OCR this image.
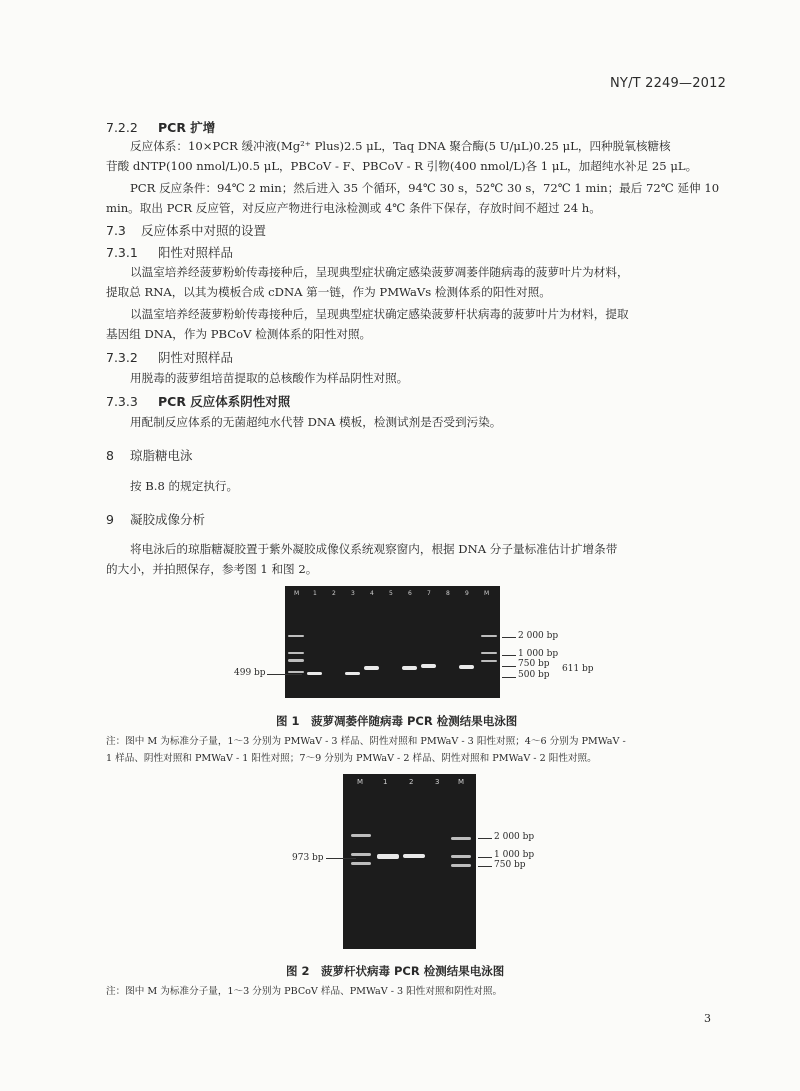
NY/T 2249—2012
7.2.2 PCR 扩增
反应体系：10×PCR 缓冲液(Mg²⁺ Plus)2.5 μL，Taq DNA 聚合酶(5 U/μL)0.25 μL，四种脱氧核糖核
苷酸 dNTP(100 nmol/L)0.5 μL，PBCoV - F、PBCoV - R 引物(400 nmol/L)各 1 μL，加超纯水补足 25 μL。
PCR 反应条件：94℃ 2 min；然后进入 35 个循环，94℃ 30 s，52℃ 30 s，72℃ 1 min；最后 72℃ 延伸 10
min。取出 PCR 反应管，对反应产物进行电泳检测或 4℃ 条件下保存，存放时间不超过 24 h。
7.3 反应体系中对照的设置
7.3.1 阳性对照样品
以温室培养经菠萝粉蚧传毒接种后，呈现典型症状确定感染菠萝凋萎伴随病毒的菠萝叶片为材料，
提取总 RNA，以其为模板合成 cDNA 第一链，作为 PMWaVs 检测体系的阳性对照。
以温室培养经菠萝粉蚧传毒接种后，呈现典型症状确定感染菠萝杆状病毒的菠萝叶片为材料，提取
基因组 DNA，作为 PBCoV 检测体系的阳性对照。
7.3.2 阴性对照样品
用脱毒的菠萝组培苗提取的总核酸作为样品阴性对照。
7.3.3 PCR 反应体系阴性对照
用配制反应体系的无菌超纯水代替 DNA 模板，检测试剂是否受到污染。
8 琼脂糖电泳
按 B.8 的规定执行。
9 凝胶成像分析
将电泳后的琼脂糖凝胶置于紫外凝胶成像仪系统观察窗内，根据 DNA 分子量标准估计扩增条带
的大小，并拍照保存，参考图 1 和图 2。
M 1	2	3	4	5	6	7	8	9	M
499 bp
2 000 bp
1 000 bp
750 bp
500 bp
611 bp
图 1　菠萝凋萎伴随病毒 PCR 检测结果电泳图
注：图中 M 为标准分子量，1～3 分别为 PMWaV - 3 样品、阴性对照和 PMWaV - 3 阳性对照；4～6 分别为 PMWaV -
1 样品、阴性对照和 PMWaV - 1 阳性对照；7～9 分别为 PMWaV - 2 样品、阴性对照和 PMWaV - 2 阳性对照。
M	1	2	3	M
973 bp
2 000 bp
1 000 bp
750 bp
图 2　菠萝杆状病毒 PCR 检测结果电泳图
注：图中 M 为标准分子量，1～3 分别为 PBCoV 样品、PMWaV - 3 阳性对照和阴性对照。
3
